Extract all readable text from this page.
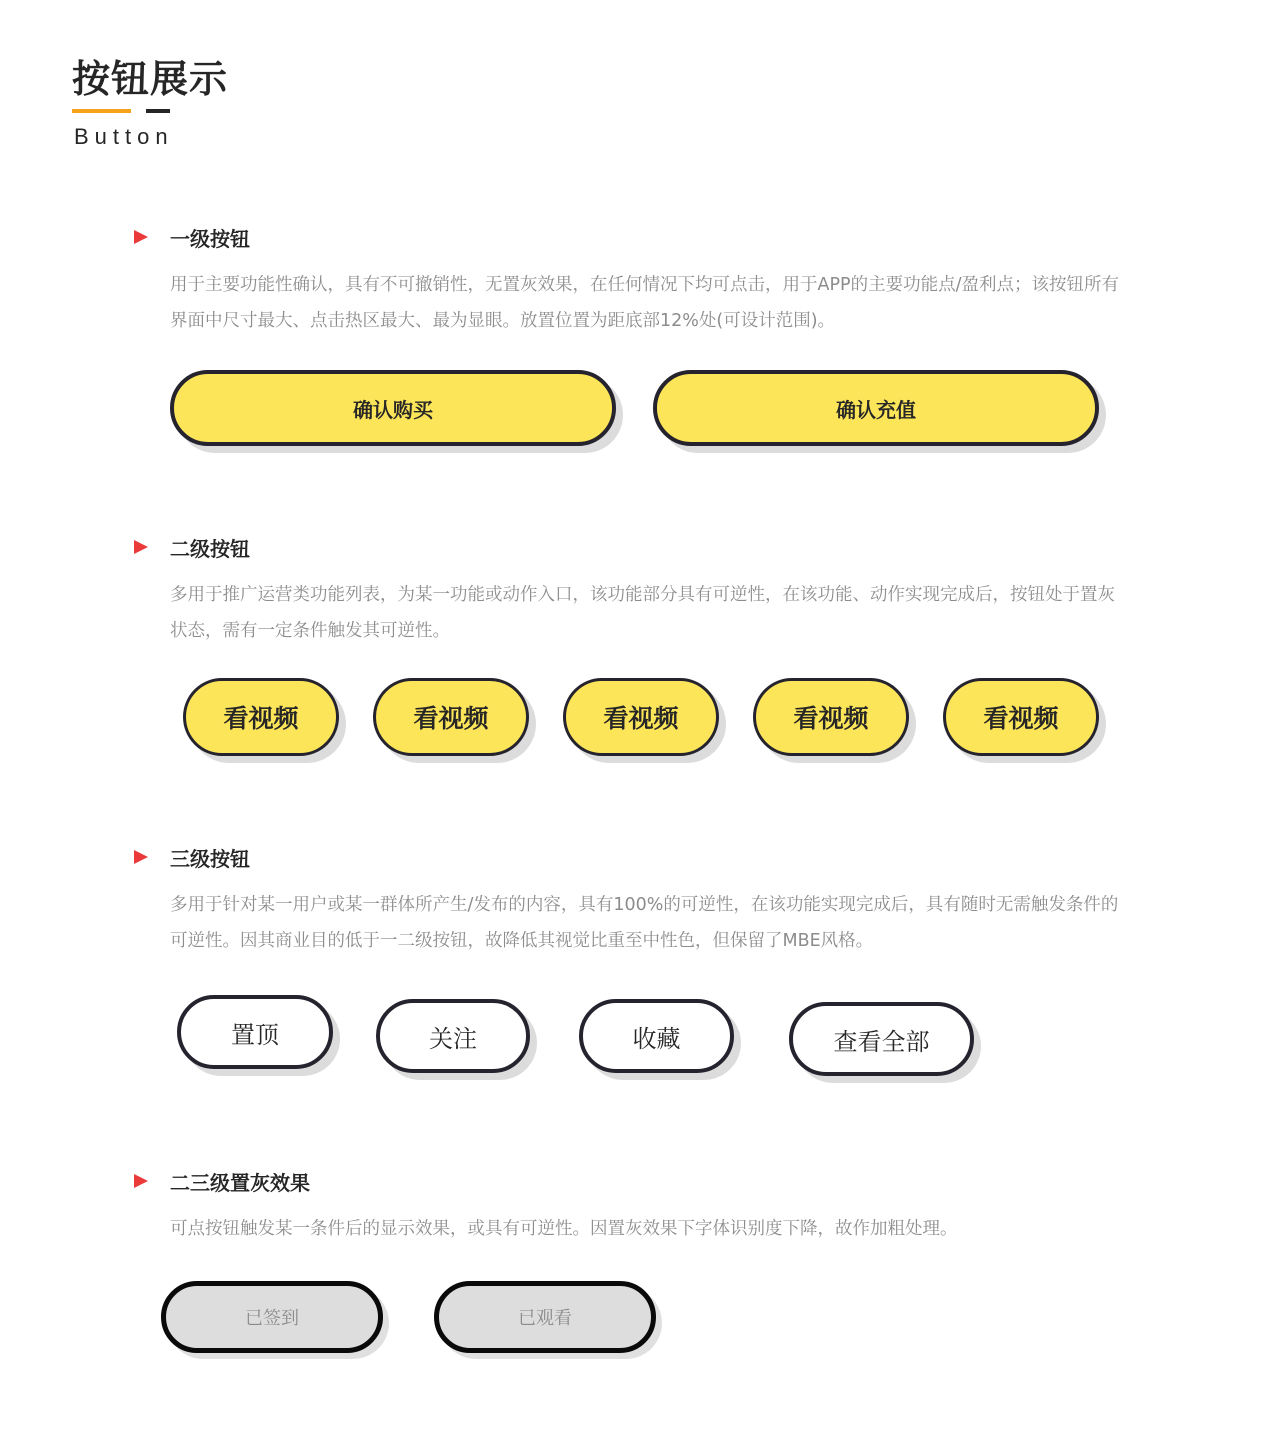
按钮展示
Button
一级按钮
用于主要功能性确认，具有不可撤销性，无置灰效果，在任何情况下均可点击，用于APP的主要功能点/盈利点；该按钮所有界面中尺寸最大、点击热区最大、最为显眼。放置位置为距底部12%处(可设计范围)。
确认购买	确认充值
二级按钮
多用于推广运营类功能列表，为某一功能或动作入口，该功能部分具有可逆性，在该功能、动作实现完成后，按钮处于置灰状态，需有一定条件触发其可逆性。
看视频	看视频	看视频	看视频	看视频
三级按钮
多用于针对某一用户或某一群体所产生/发布的内容，具有100%的可逆性，在该功能实现完成后，具有随时无需触发条件的可逆性。因其商业目的低于一二级按钮，故降低其视觉比重至中性色，但保留了MBE风格。
置顶	关注	收藏	查看全部
二三级置灰效果
可点按钮触发某一条件后的显示效果，或具有可逆性。因置灰效果下字体识别度下降，故作加粗处理。
已签到	已观看
